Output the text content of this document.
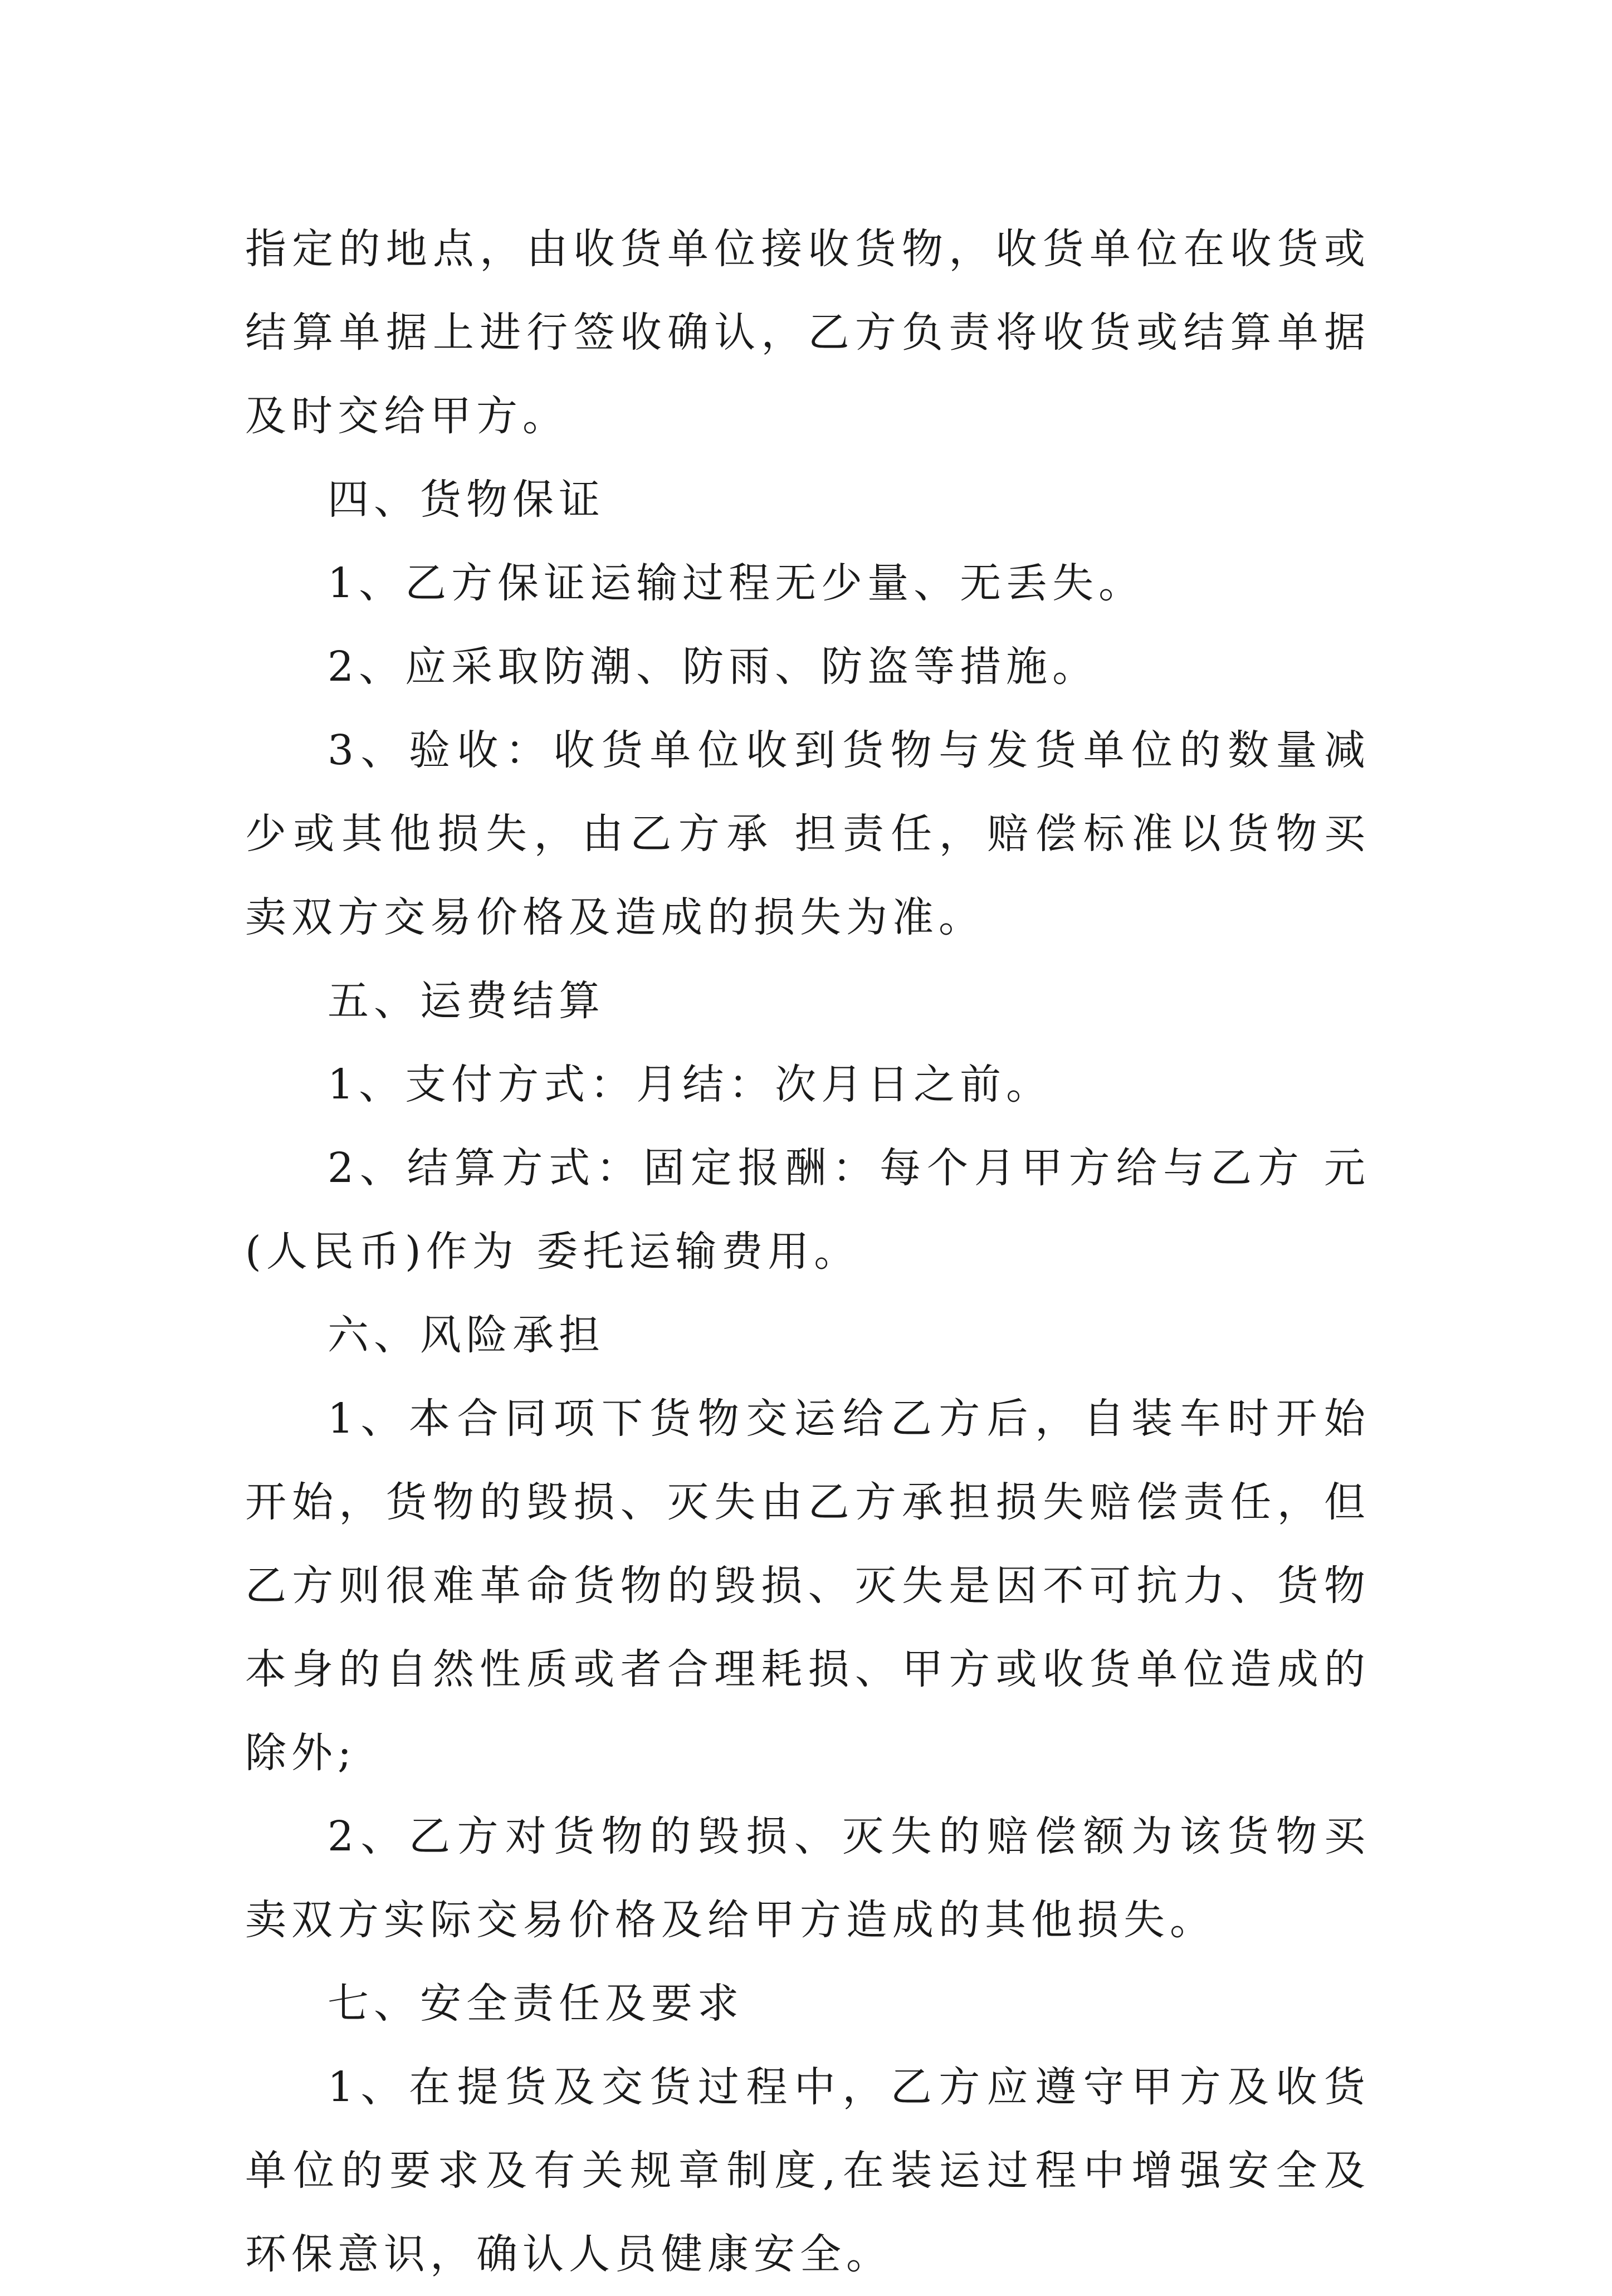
指定的地点，由收货单位接收货物，收货单位在收货或结算单据上进行签收确认，乙方负责将收货或结算单据及时交给甲方。

四、货物保证

1、乙方保证运输过程无少量、无丢失。

2、应采取防潮、防雨、防盗等措施。

3、验收：收货单位收到货物与发货单位的数量减少或其他损失，由乙方承 担责任，赔偿标准以货物买卖双方交易价格及造成的损失为准。

五、运费结算

1、支付方式：月结：次月日之前。

2、结算方式：固定报酬：每个月甲方给与乙方 元(人民币)作为 委托运输费用。

六、风险承担

1、本合同项下货物交运给乙方后，自装车时开始开始，货物的毁损、灭失由乙方承担损失赔偿责任，但乙方则很难革命货物的毁损、灭失是因不可抗力、货物本身的自然性质或者合理耗损、甲方或收货单位造成的除外;

2、乙方对货物的毁损、灭失的赔偿额为该货物买卖双方实际交易价格及给甲方造成的其他损失。

七、安全责任及要求

1、在提货及交货过程中，乙方应遵守甲方及收货单位的要求及有关规章制度,在装运过程中增强安全及环保意识，确认人员健康安全。
